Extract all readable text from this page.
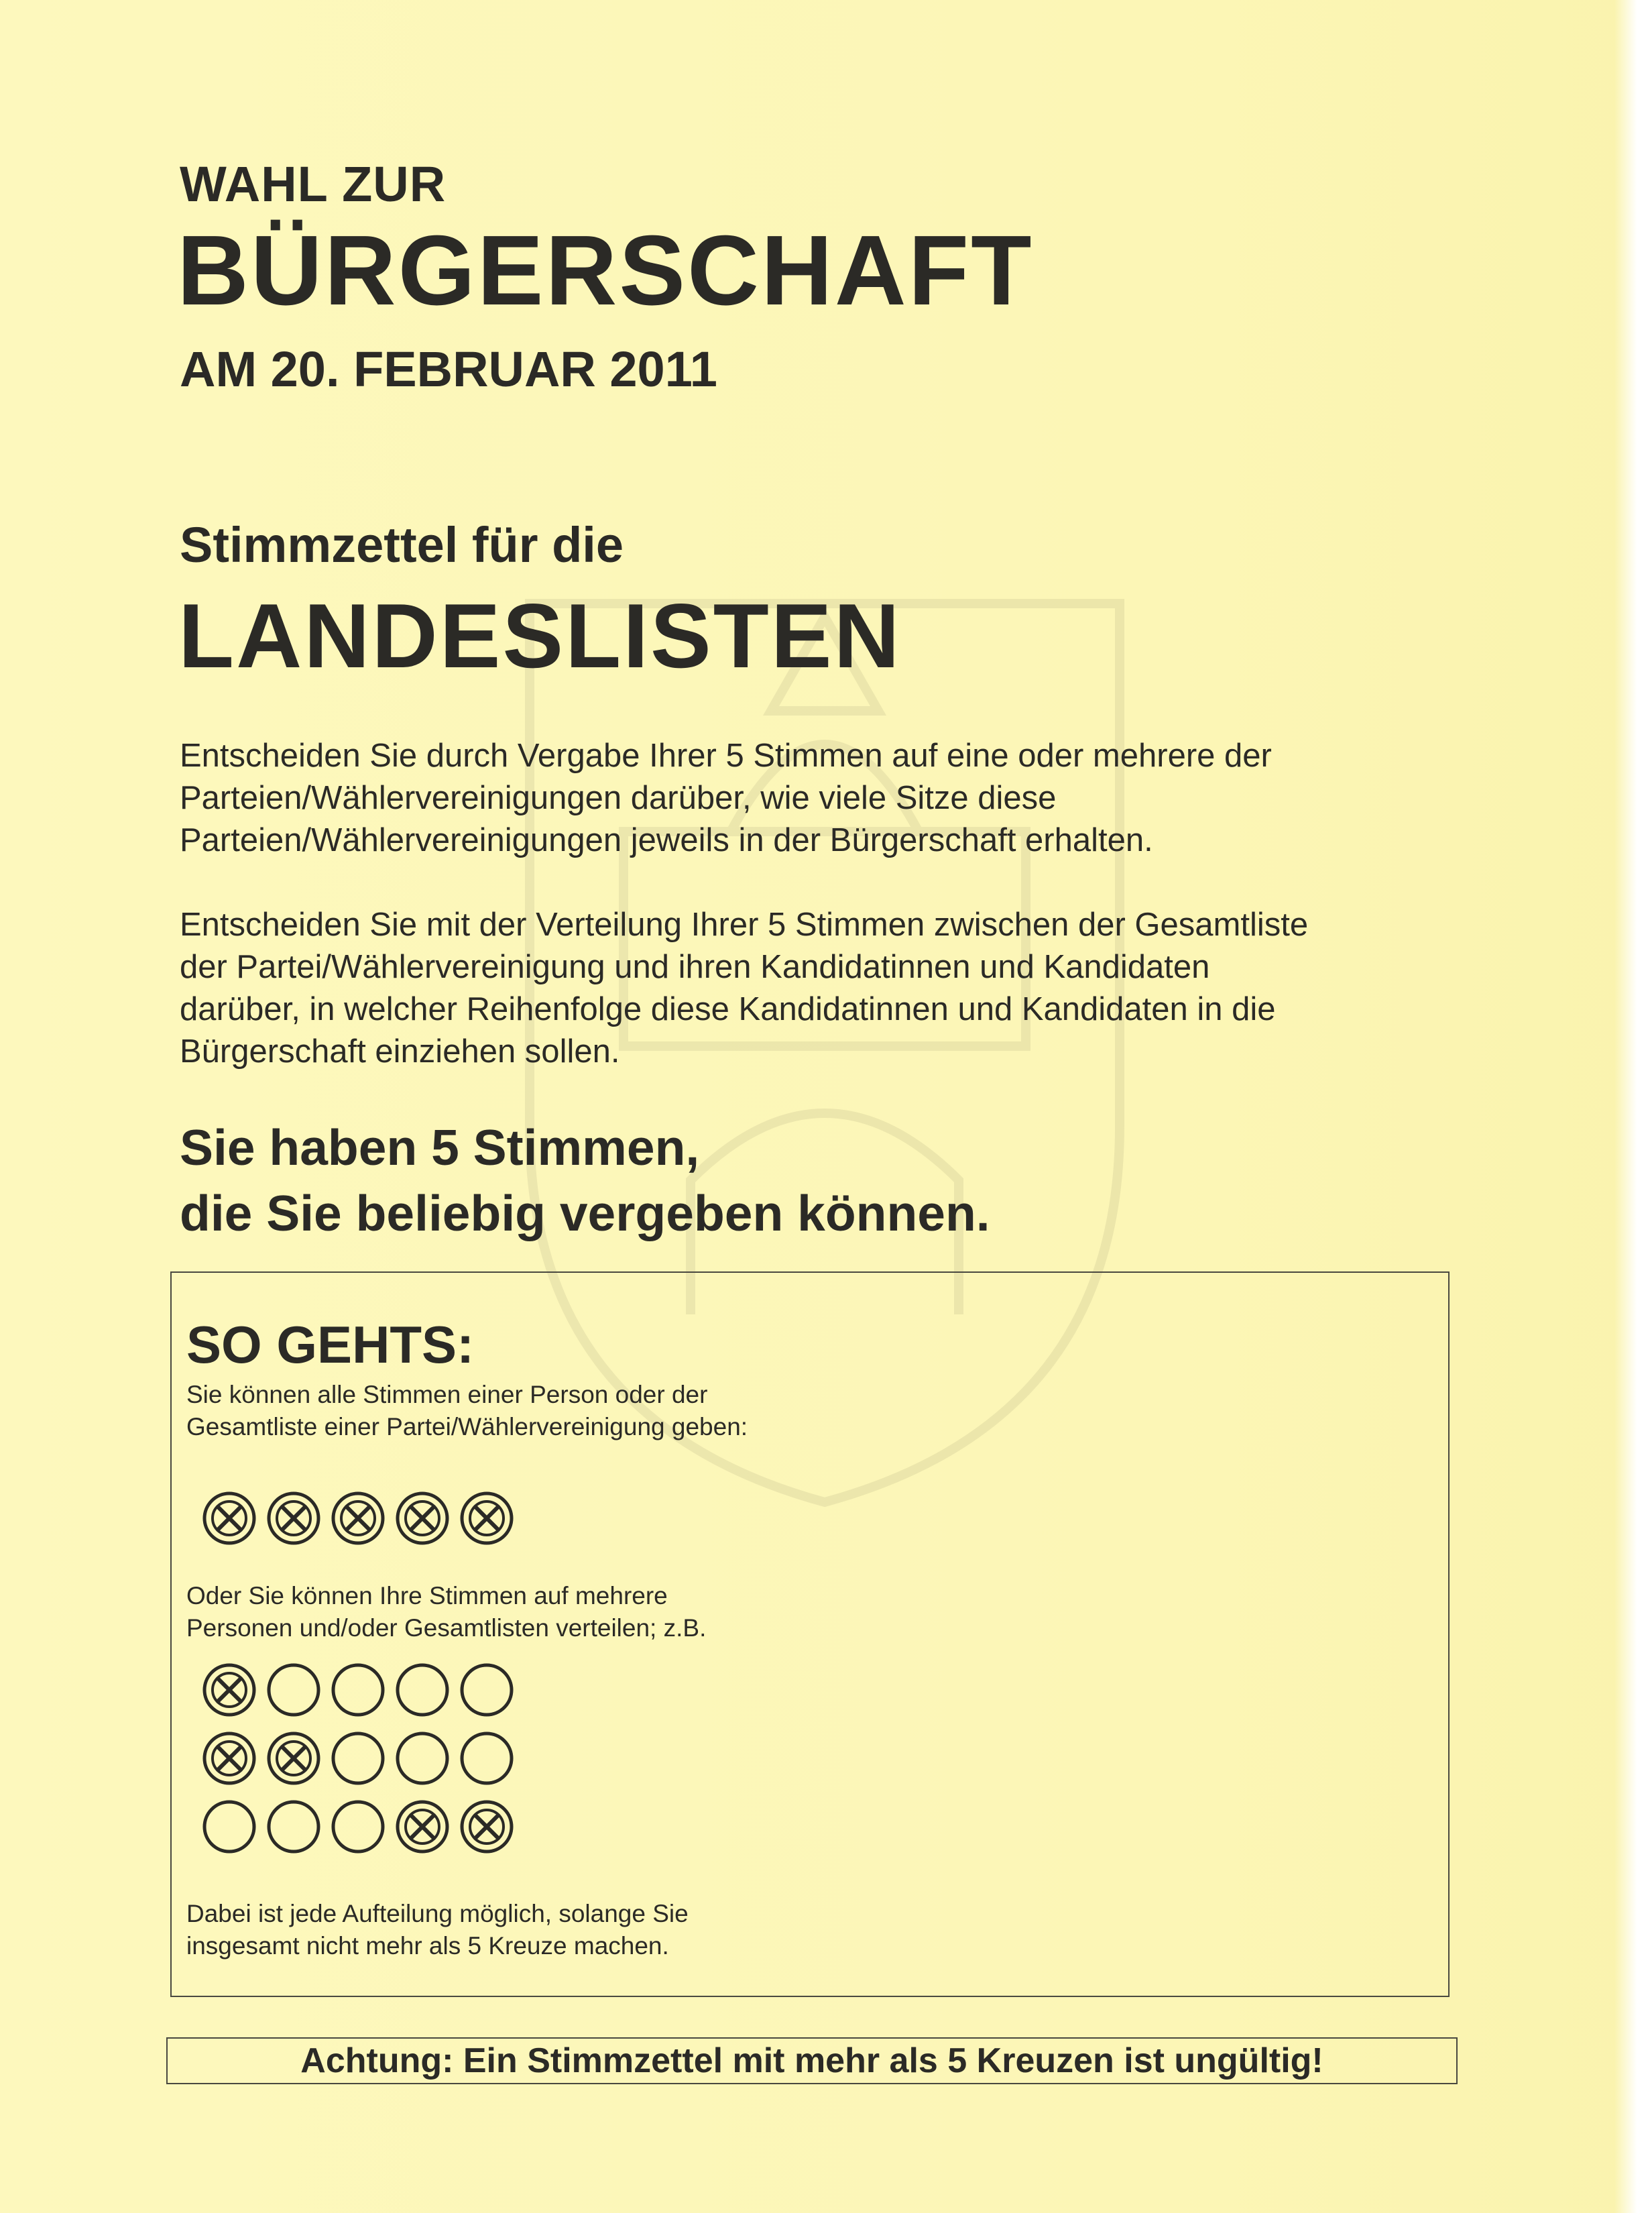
WAHL ZUR
BÜRGERSCHAFT
AM 20. FEBRUAR 2011
Stimmzettel für die
LANDESLISTEN
Entscheiden Sie durch Vergabe Ihrer 5 Stimmen auf eine oder mehrere der
Parteien/Wählervereinigungen darüber, wie viele Sitze diese
Parteien/Wählervereinigungen jeweils in der Bürgerschaft erhalten.
Entscheiden Sie mit der Verteilung Ihrer 5 Stimmen zwischen der Gesamtliste
der Partei/Wählervereinigung und ihren Kandidatinnen und Kandidaten
darüber, in welcher Reihenfolge diese Kandidatinnen und Kandidaten in die
Bürgerschaft einziehen sollen.
Sie haben 5 Stimmen,
die Sie beliebig vergeben können.
SO GEHTS:
Sie können alle Stimmen einer Person oder der
Gesamtliste einer Partei/Wählervereinigung geben:
Oder Sie können Ihre Stimmen auf mehrere
Personen und/oder Gesamtlisten verteilen; z.B.
Dabei ist jede Aufteilung möglich, solange Sie
insgesamt nicht mehr als 5 Kreuze machen.
Achtung: Ein Stimmzettel mit mehr als 5 Kreuzen ist ungültig!
